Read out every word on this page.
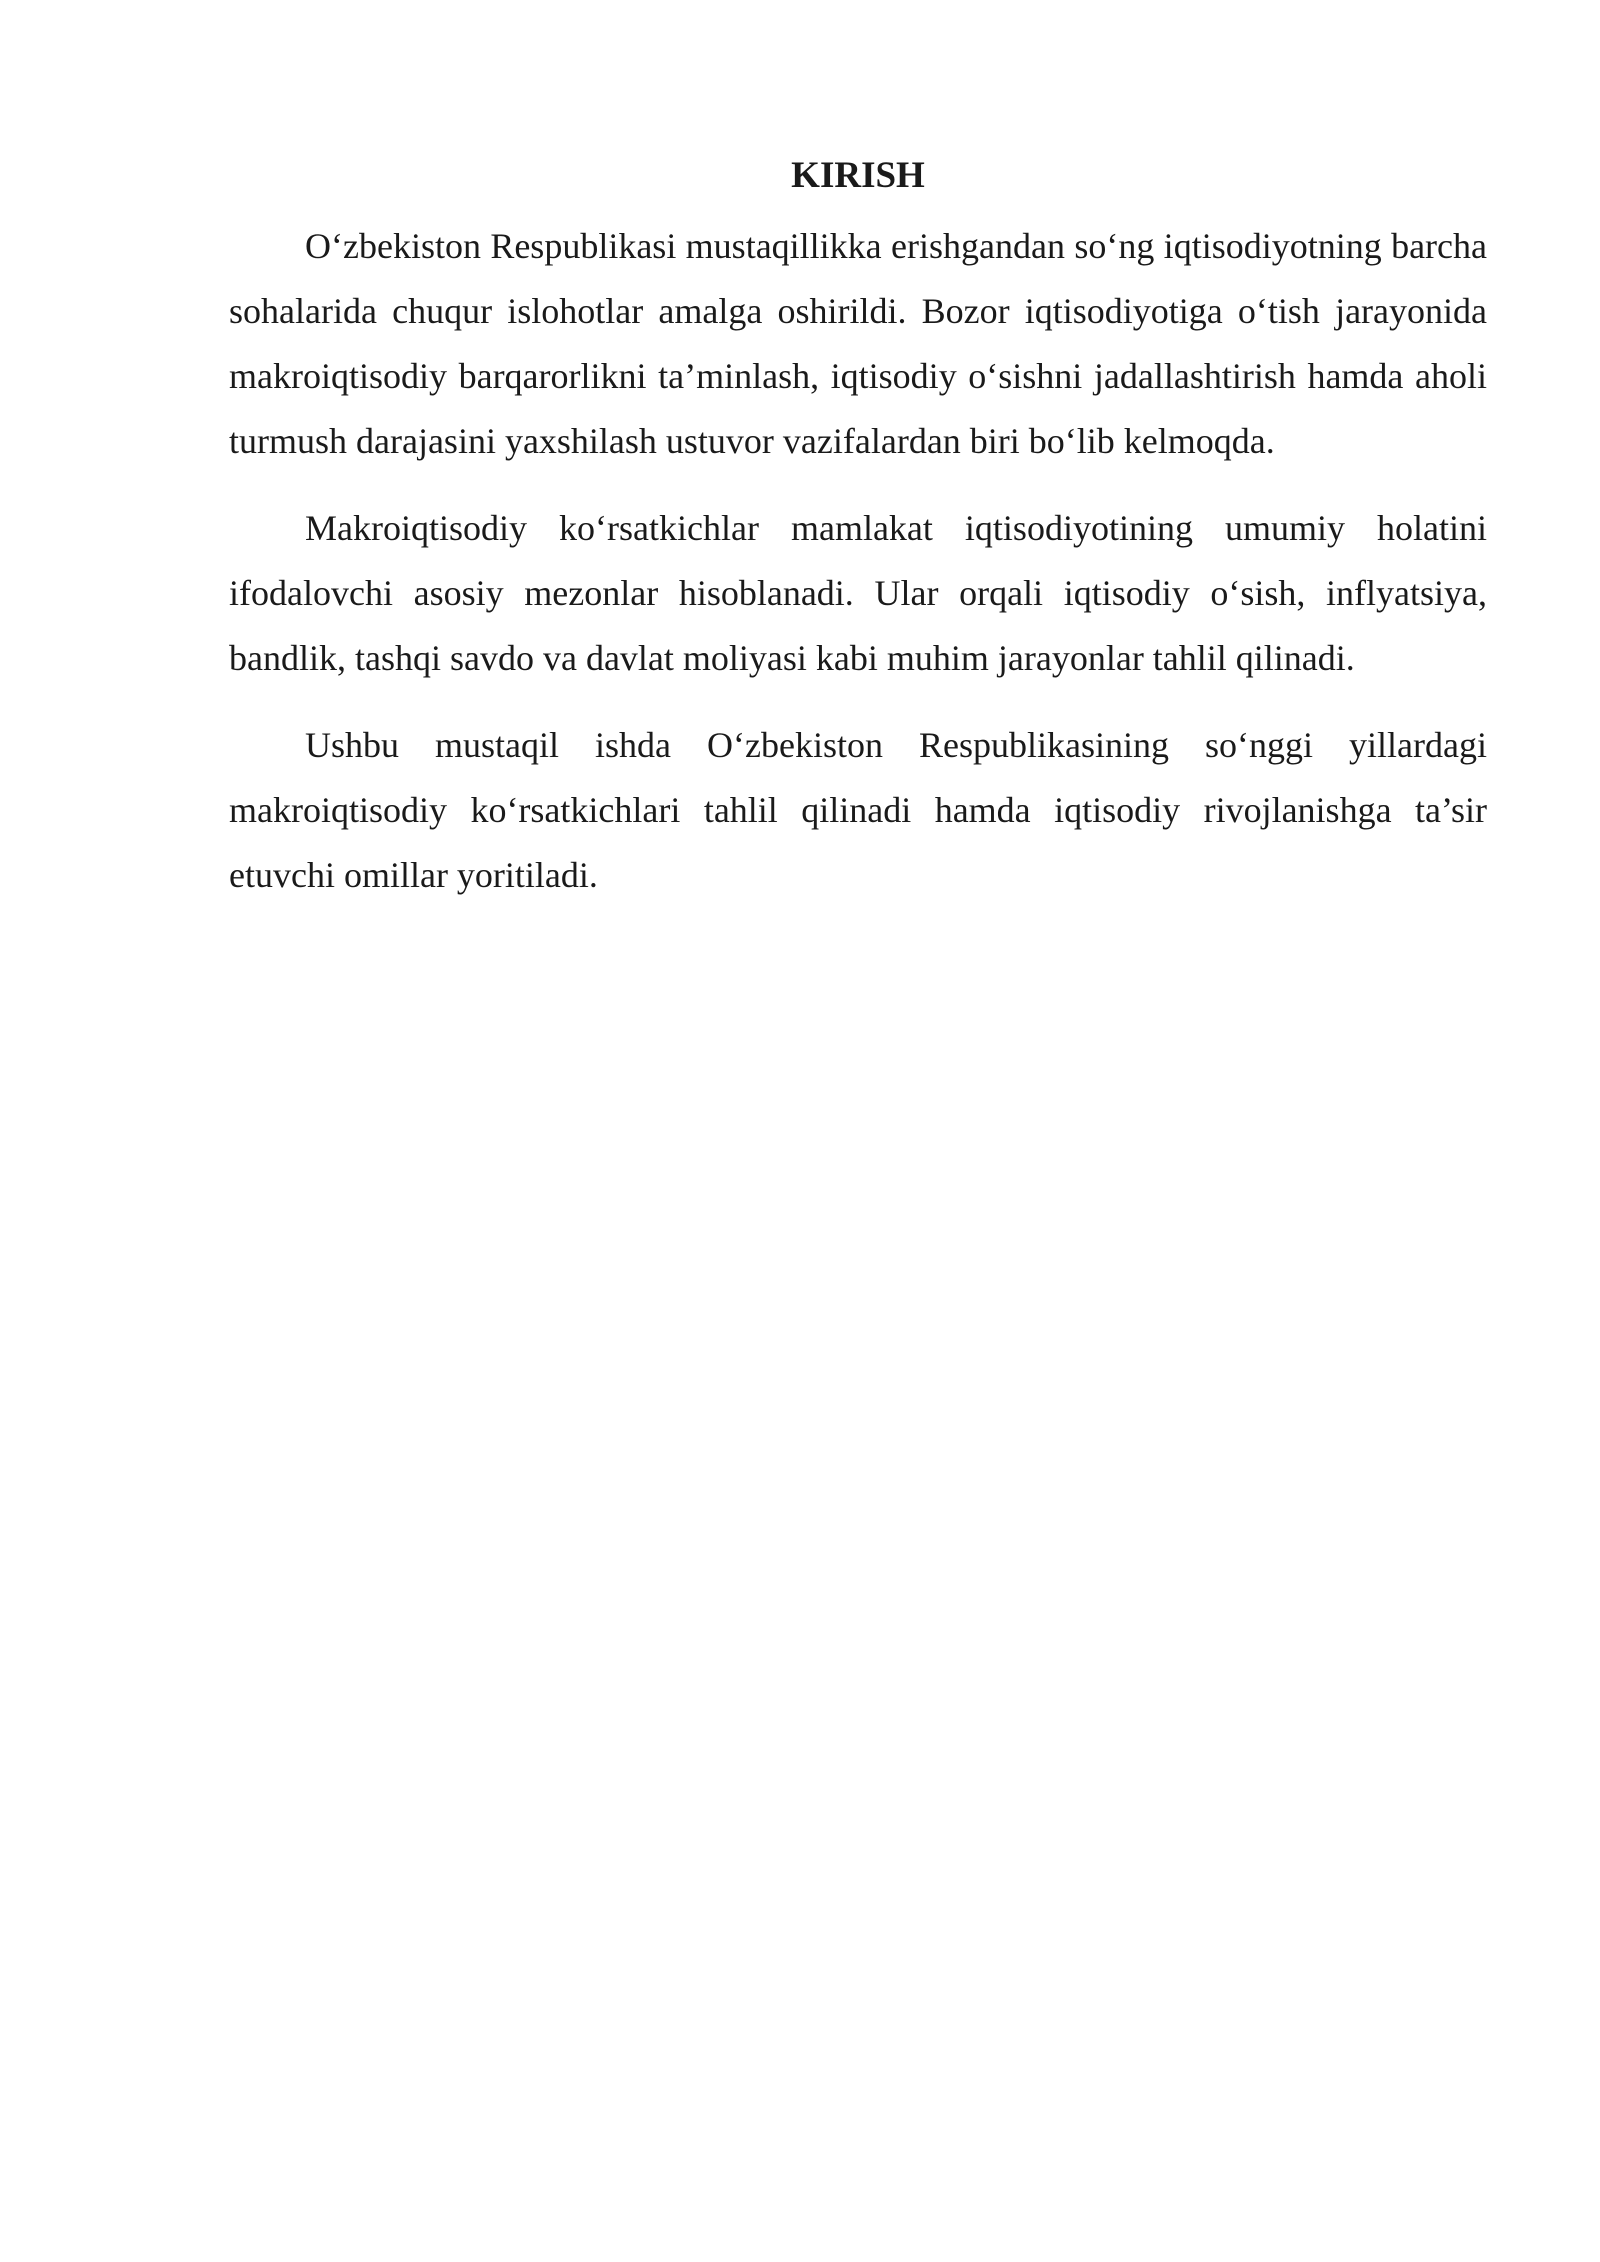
KIRISH

O‘zbekiston Respublikasi mustaqillikka erishgandan so‘ng iqtisodiyotning barcha sohalarida chuqur islohotlar amalga oshirildi. Bozor iqtisodiyotiga o‘tish jarayonida makroiqtisodiy barqarorlikni ta’minlash, iqtisodiy o‘sishni jadallashtirish hamda aholi turmush darajasini yaxshilash ustuvor vazifalardan biri bo‘lib kelmoqda.

Makroiqtisodiy ko‘rsatkichlar mamlakat iqtisodiyotining umumiy holatini ifodalovchi asosiy mezonlar hisoblanadi. Ular orqali iqtisodiy o‘sish, inflyatsiya, bandlik, tashqi savdo va davlat moliyasi kabi muhim jarayonlar tahlil qilinadi.

Ushbu mustaqil ishda O‘zbekiston Respublikasining so‘nggi yillardagi makroiqtisodiy ko‘rsatkichlari tahlil qilinadi hamda iqtisodiy rivojlanishga ta’sir etuvchi omillar yoritiladi.
